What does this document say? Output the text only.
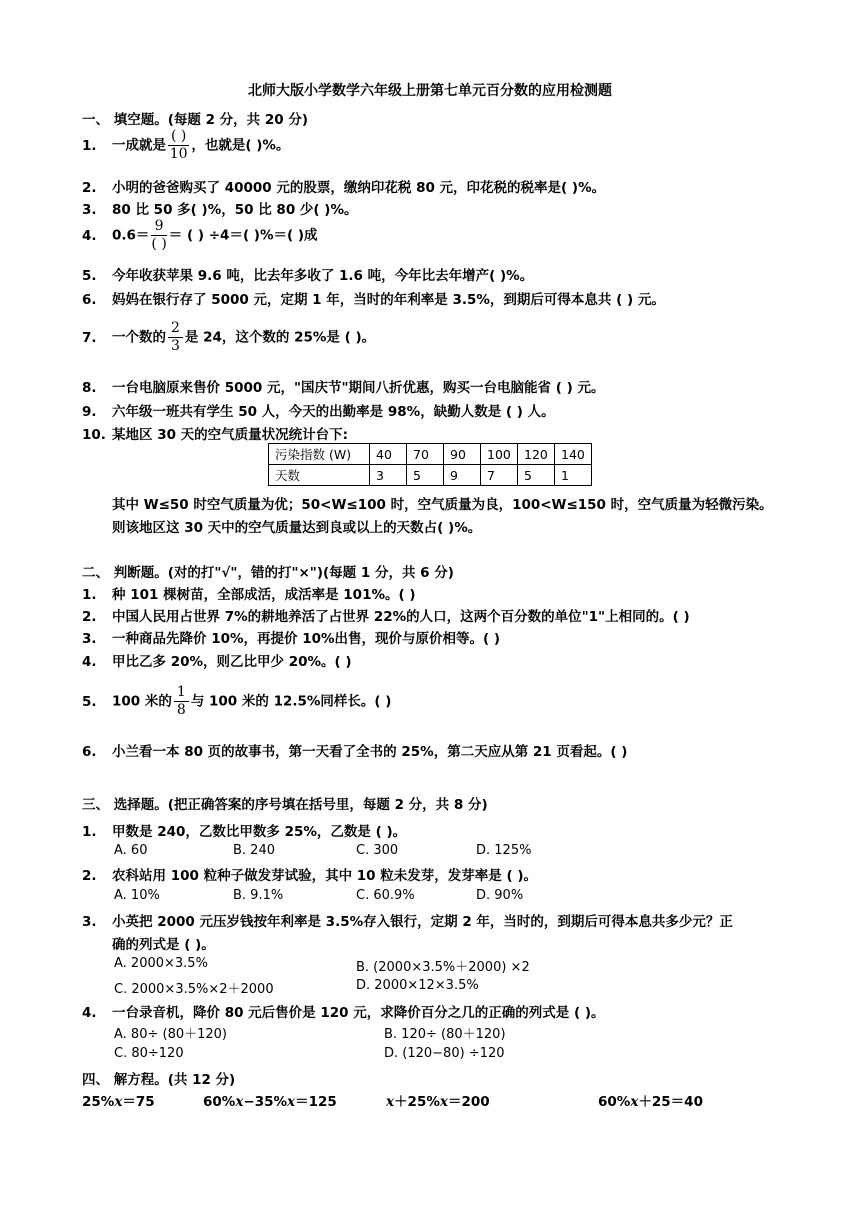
北师大版小学数学六年级上册第七单元百分数的应用检测题
一、 填空题。(每题 2 分，共 20 分)
1. 一成就是 $\frac{( )}{10}$ ，也就是( )%。
2. 小明的爸爸购买了 40000 元的股票，缴纳印花税 80 元，印花税的税率是( )%。
3. 80 比 50 多( )%，50 比 80 少( )%。
4. $0.6= \frac{9}{( )}$ ＝ ( ) ÷4＝( )%＝( )成
5. 今年收获苹果 9.6 吨，比去年多收了 1.6 吨，今年比去年增产( )%。
6. 妈妈在银行存了 5000 元，定期 1 年，当时的年利率是 3.5%，到期后可得本息共 ( ) 元。
7. 一个数的 $\frac{2}{3}$ 是 24，这个数的 25%是 ( )。
8. 一台电脑原来售价 5000 元，"国庆节"期间八折优惠，购买一台电脑能省 ( ) 元。
9. 六年级一班共有学生 50 人，今天的出勤率是 98%，缺勤人数是 ( ) 人。
10. 某地区 30 天的空气质量状况统计台下:
污染指数 (W)	40	70	90	100	120	140
天数	3	5	9	7	5	1
其中 W≤50 时空气质量为优；50<W≤100 时，空气质量为良，100<W≤150 时，空气质量为轻微污染。
则该地区这 30 天中的空气质量达到良或以上的天数占( )%。
二、 判断题。(对的打"√"，错的打"×")(每题 1 分，共 6 分)
1. 种 101 棵树苗，全部成活，成活率是 101%。( )
2. 中国人民用占世界 7%的耕地养活了占世界 22%的人口，这两个百分数的单位"1"上相同的。( )
3. 一种商品先降价 10%，再提价 10%出售，现价与原价相等。( )
4. 甲比乙多 20%，则乙比甲少 20%。( )
5. 100 米的 $\frac{1}{8}$ 与 100 米的 12.5%同样长。( )
6. 小兰看一本 80 页的故事书，第一天看了全书的 25%，第二天应从第 21 页看起。( )
三、 选择题。(把正确答案的序号填在括号里，每题 2 分，共 8 分)
1. 甲数是 240，乙数比甲数多 25%，乙数是 ( )。
A. 60	B. 240	C. 300	D. 125%
2. 农科站用 100 粒种子做发芽试验，其中 10 粒未发芽，发芽率是 ( )。
A. 10%	B. 9.1%	C. 60.9%	D. 90%
3. 小英把 2000 元压岁钱按年利率是 3.5%存入银行，定期 2 年，当时的，到期后可得本息共多少元？正
确的列式是 ( )。
A. 2000×3.5%	B. (2000×3.5%＋2000) ×2
C. 2000×3.5%×2＋2000	D. 2000×12×3.5%
4. 一台录音机，降价 80 元后售价是 120 元，求降价百分之几的正确的列式是 ( )。
A. 80÷ (80＋120)	B. 120÷ (80＋120)
C. 80÷120	D. (120−80) ÷120
四、 解方程。(共 12 分)
25%x＝75	60%x−35%x＝125	x＋25%x＝200	60%x＋25＝40
